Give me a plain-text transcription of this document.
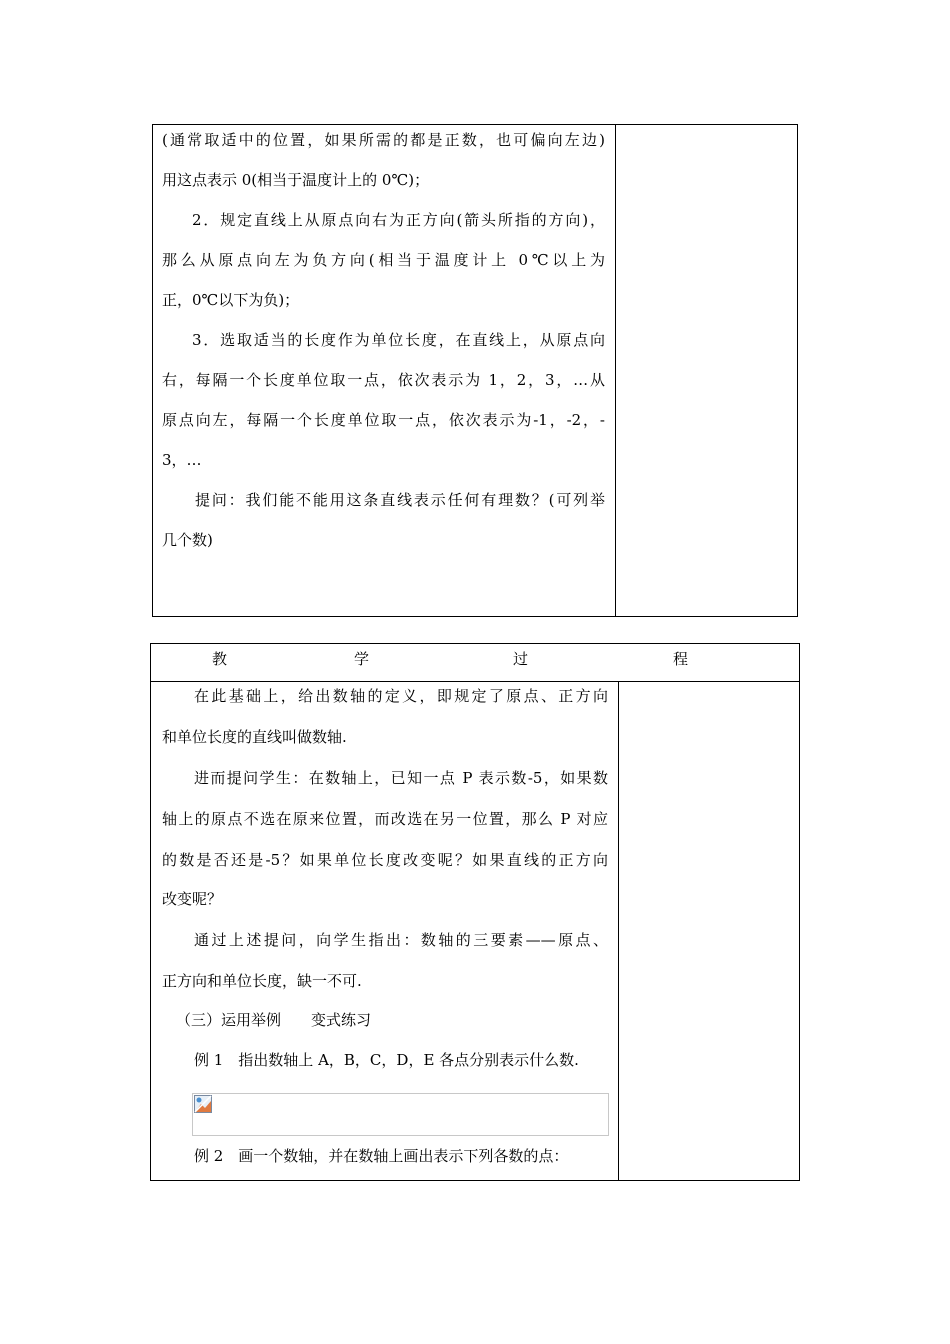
(通常取适中的位置，如果所需的都是正数，也可偏向左边)
用这点表示 0(相当于温度计上的 0℃)；
2．规定直线上从原点向右为正方向(箭头所指的方向)，
那么从原点向左为负方向(相当于温度计上 0℃以上为
正，0℃以下为负)；
3．选取适当的长度作为单位长度，在直线上，从原点向
右，每隔一个长度单位取一点，依次表示为 1，2，3，…从
原点向左，每隔一个长度单位取一点，依次表示为-1，-2，-
3，…
提问：我们能不能用这条直线表示任何有理数？(可列举
几个数)
教	学	过	程
在此基础上，给出数轴的定义，即规定了原点、正方向
和单位长度的直线叫做数轴.
进而提问学生：在数轴上，已知一点 P 表示数-5，如果数
轴上的原点不选在原来位置，而改选在另一位置，那么 P 对应
的数是否还是-5？如果单位长度改变呢？如果直线的正方向
改变呢？
通过上述提问，向学生指出：数轴的三要素——原点、
正方向和单位长度，缺一不可.
（三）运用举例　　变式练习
例 1　指出数轴上 A，B，C，D，E 各点分别表示什么数.
例 2　画一个数轴，并在数轴上画出表示下列各数的点：
